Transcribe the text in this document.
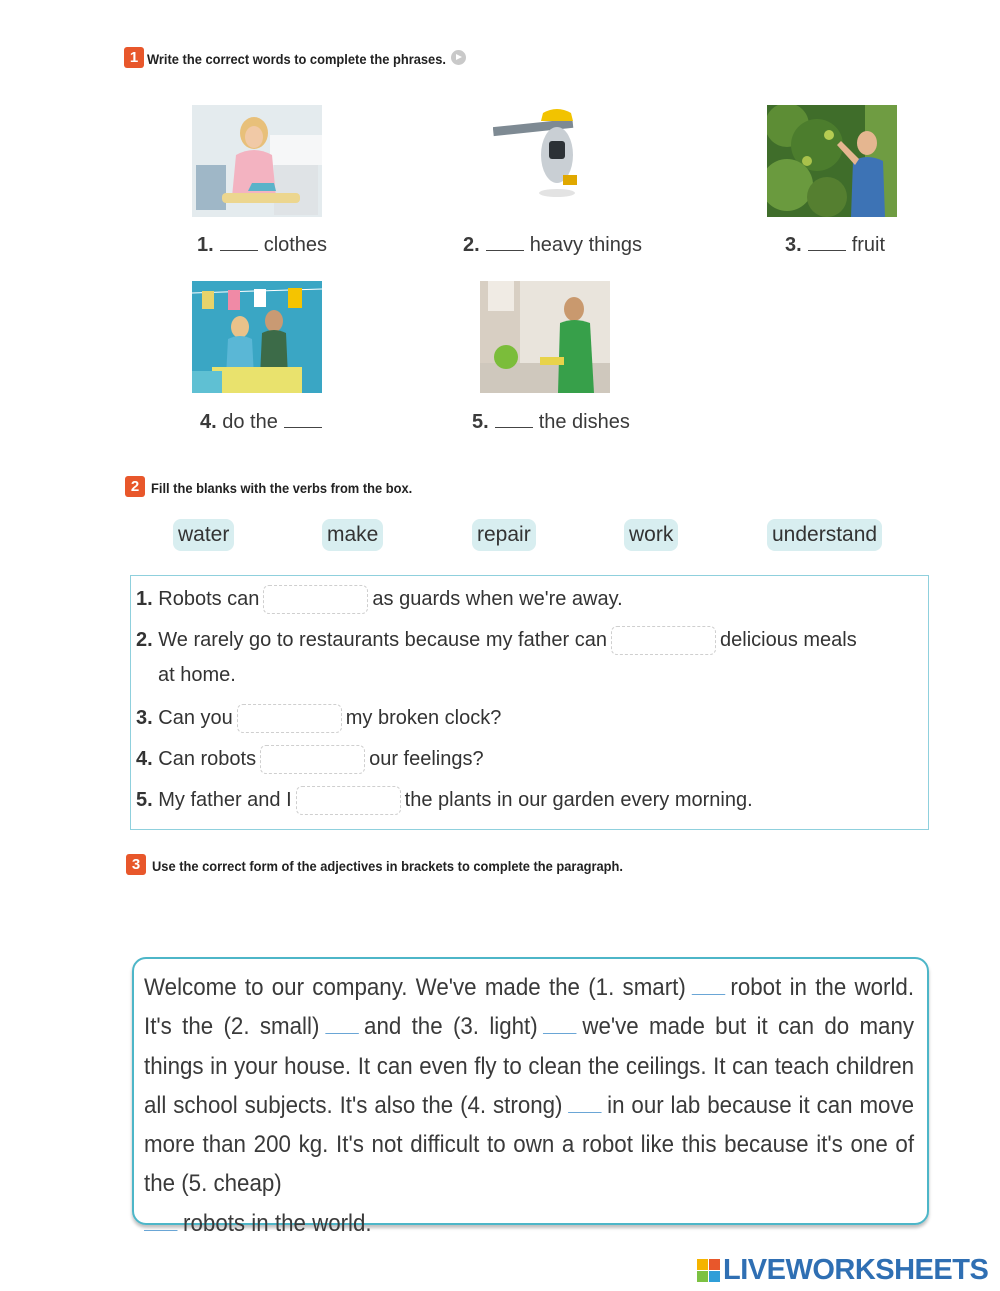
1 Write the correct words to complete the phrases.
1.	clothes	2.	heavy things	3.	fruit
4. do the	5.	the dishes
2 Fill the blanks with the verbs from the box.
water	make	repair	work	understand
1. Robots can	as guards when we're away.
2. We rarely go to restaurants because my father can	delicious meals
at home.
3. Can you	my broken clock?
4. Can robots	our feelings?
5. My father and I	the plants in our garden every morning.
3 Use the correct form of the adjectives in brackets to complete the paragraph.
Welcome to our company. We've made the (1. smart) robot in the world. It's the (2. small) and the (3. light) we've made but it can do many things in your house. It can even fly to clean the ceilings. It can teach children all school subjects. It's also the (4. strong) in our lab because it can move more than 200 kg. It's not difficult to own a robot like this because it's one of the (5. cheap)
robots in the world.
LIVEWORKSHEETS
